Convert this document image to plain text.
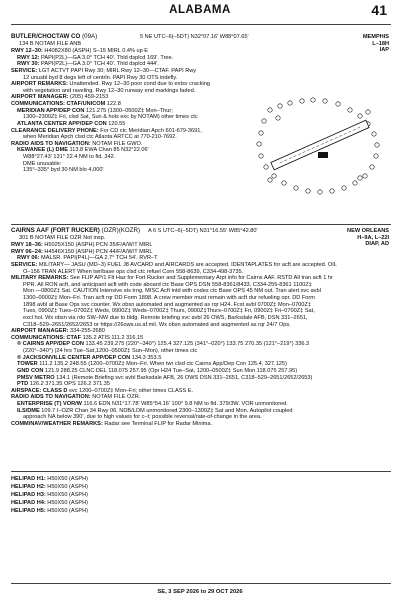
ALABAMA	41
BUTLER/CHOCTAW CO (09A)	5 NE UTC–6(–5DT) N32°07.16' W88°07.65'
134 B NOTAM FILE ANB
MEMPHIS
L–18H
IAP
RWY 12–30: H4082X80 (ASPH) S–15 MIRL 0.4% up E
RWY 12: PAPI(P2L)—GA 3.0° TCH 40'. Thld dsplcd 169'. Tree.
RWY 30: PAPI(P2L)—GA 3.0° TCH 40'. Thld dsplcd 444'.
SERVICE: LGT ACTVT PAPI Rwy 30; MIRL Rwy 12–30—CTAF. PAPI Rwy
12 unusbl byd 8 degs left of centrln. PAPI Rwy 30 OTS indefly.
AIRPORT REMARKS: Unattended. Rwy 12–30 poor cond due to extsv cracking
with vegetation and raveling. Rwy 12–30 runway end markings faded.
AIRPORT MANAGER: (205) 459-2153
COMMUNICATIONS: CTAF/UNICOM 122.8
MERIDIAN APP/DEP CON 121.275 (1300–0500Z‡ Mon–Thur;
1300–2300Z‡ Fri, clsd Sat, Sun & hols exc by NOTAM) other times ctc
ATLANTA CENTER APP/DEP CON 120.55
CLEARANCE DELIVERY PHONE: For CD ctc Meridian Apch 601-679-3691,
when Meridian Apch clsd ctc Atlanta ARTCC at 770-210-7692.
RADIO AIDS TO NAVIGATION: NOTAM FILE GWO.
KEWANEE (L) DME 113.8 EWA Chan 85 N32°22.06'
W88°27.43' 131° 22.4 NM to fld. 342.
DME unusable:
135°–335° byd 30 NM blo 4,000'
CAIRNS AAF (FORT RUCKER) (OZR)(KOZR) A 6 S UTC–6(–5DT) N31°16.55' W85°42.80'
301 B NOTAM FILE OZR Not insp.
NEW ORLEANS
H–9A, L–22I
DIAP, AD
RWY 18–36: H5025X150 (ASPH) PCN 35/F/A/W/T MIRL
RWY 06–24: H4546X150 (ASPH) PCN 44/F/A/W/T MIRL
RWY 06: MALSR. PAPI(P4L)—GA 2.7° TCH 54'. RVR–T
SERVICE: MILITARY— JASU (MD–3) FUEL J8 AVCARD and AIRCARDS are accepted. IDENTAPLATES for acft are accepted. OIL
O–156 TRAN ALERT When twr/base ops clsd ctc refuel Corn 558-8639, C334-498-3735.
MILITARY REMARKS: See FLIP AP/1 Flt Haz for Fort Rucker and Supplementary Arpt info for Cairns AAF. RSTD All tran acft 1 hr
PPR. All RON acft, and anticipant acft with code aboard ctc Base OPS DSN 558-8361/8433, C334-255-8361 1100Z‡
Mon —0800Z‡ Sat. CAUTION Intensive sts trng. MISC Acft intd with codes ctc Base OPS 45 NM out. Tran alert svc avbl
1300–0000Z‡ Mon–Fri. Tran acft rqr DD Form 1898. A crew member must remain with acft dur refueling opr. DD Form
1898 avbl at Base Ops svc counter. Wx obsn automated and augmented as rqr H24. Fcst avbl 0700Z‡ Mon–0700Z‡
Tues, 0900Z‡ Tues–0700Z‡ Weds, 0900Z‡ Weds–0700Z‡ Thurs, 0900Z‡Thurs–0700Z‡ Fri, 0900Z‡ Fri–0700Z‡ Sat,
excl hol. Wx obsn via rdo SW–NW due to bldg. Remote briefing svc avbl 26 OWS, Barksdale AFB, DSN 331–2651,
C318–529–2651/2652/2653 or https://26ows.us.af.mil. Wx obsn automated and augmented as rqr 24/7 Ops.
AIRPORT MANAGER: 334-255-2680
COMMUNICATIONS: CTAF 135.2 ATIS 111.2 316.15
® CAIRNS APP/DEP CON 133.45 239.275 (220°–340°) 125.4 327.125 (341°–020°) 133.75 270.35 (121°–219°) 336.3
(220°–340°) (24 hrs Tue–Sat,1200–0500Z‡ Sun–Mon), other times ctc
® JACKSONVILLE CENTER APP/DEP CON 134.3 353.5
TOWER 111.2 135.2 248.55 (1200–0700Z‡ Mon–Fri. When twr clsd ctc Cairns App/Dep Con 125.4, 327.125)
GND CON 121.9 288.25 CLNC DEL 118.075 257.95 (Opr H24 Tue–Sat, 1200–0500Z‡ Sun Mon 118.075 257.95)
PMSV METRO 134.1 (Remote Briefing svc avbl Barksdale AFB, 26 OWS DSN 331–2651, C318–529–2651/2652/2653)
PTD 126.2 371.35 OPS 126.2 371.35
AIRSPACE: CLASS D svc 1200–0700Z‡ Mon–Fri; other times CLASS E.
RADIO AIDS TO NAVIGATION: NOTAM FILE OZR.
ENTERPRISE (T) VOR/W 116.6 EDN N31°17.78' W85°54.16' 100° 9.8 NM to fld. 379/3W. VOR unmonitored.
ILS/DME 109.7 I–OZR Chan 34 Rwy 06. NDB/LOM unmonitored 2300–1300Z‡ Sat and Mon. Autopilot coupled
approach NA below 390', due to high values for c–t; possible reversal/rate-of-change in the area.
COMM/NAV/WEATHER REMARKS: Radar see Terminal FLIP for Radar Minima.
HELIPAD H1: H50X50 (ASPH)
HELIPAD H2: H50X50 (ASPH)
HELIPAD H3: H50X50 (ASPH)
HELIPAD H4: H50X50 (ASPH)
HELIPAD H5: H50X50 (ASPH)
SE, 3 SEP 2026 to 29 OCT 2026
